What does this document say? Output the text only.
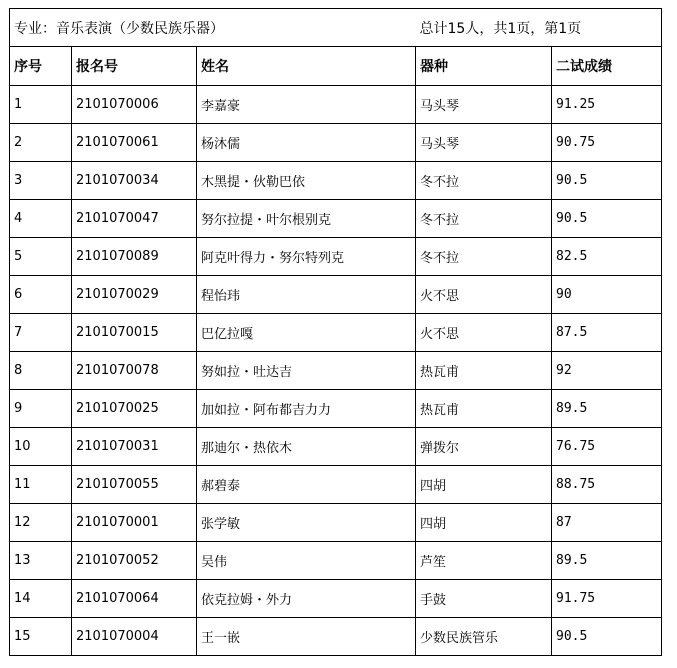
专业：音乐表演（少数民族乐器）			总计15人，共1页，第1页	
序号	报名号	姓名	器种	二试成绩
1	2101070006	李嘉豪	马头琴	91.25
2	2101070061	杨沐儒	马头琴	90.75
3	2101070034	木黑提・伙勒巴依	冬不拉	90.5
4	2101070047	努尔拉提・叶尔根别克	冬不拉	90.5
5	2101070089	阿克叶得力・努尔特列克	冬不拉	82.5
6	2101070029	程怡玮	火不思	90
7	2101070015	巴亿拉嘎	火不思	87.5
8	2101070078	努如拉・吐达吉	热瓦甫	92
9	2101070025	加如拉・阿布都吉力力	热瓦甫	89.5
10	2101070031	那迪尔・热依木	弹拨尔	76.75
11	2101070055	郝碧泰	四胡	88.75
12	2101070001	张学敏	四胡	87
13	2101070052	吴伟	芦笙	89.5
14	2101070064	依克拉姆・外力	手鼓	91.75
15	2101070004	王一嵌	少数民族管乐	90.5
